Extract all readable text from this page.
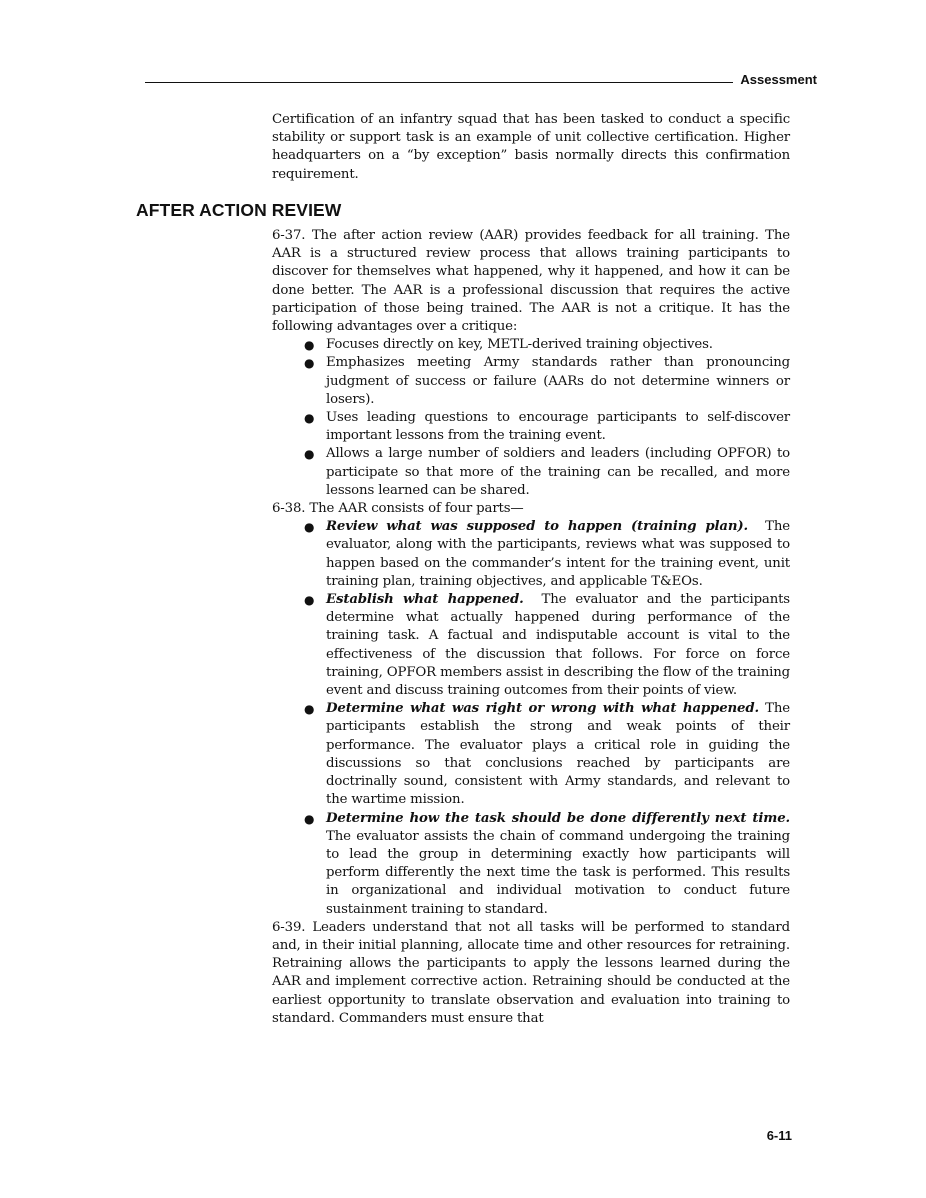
Assessment

Certification of an infantry squad that has been tasked to conduct a specific stability or support task is an example of unit collective certification. Higher headquarters on a “by exception” basis normally directs this confirmation requirement.

AFTER ACTION REVIEW

6-37. The after action review (AAR) provides feedback for all training. The AAR is a structured review process that allows training participants to discover for themselves what happened, why it happened, and how it can be done better. The AAR is a professional discussion that requires the active participation of those being trained. The AAR is not a critique. It has the following advantages over a critique:

● Focuses directly on key, METL-derived training objectives.
● Emphasizes meeting Army standards rather than pronouncing judgment of success or failure (AARs do not determine winners or losers).
● Uses leading questions to encourage participants to self-discover important lessons from the training event.
● Allows a large number of soldiers and leaders (including OPFOR) to participate so that more of the training can be recalled, and more lessons learned can be shared.

6-38. The AAR consists of four parts—

● Review what was supposed to happen (training plan). The evaluator, along with the participants, reviews what was supposed to happen based on the commander’s intent for the training event, unit training plan, training objectives, and applicable T&EOs.
● Establish what happened. The evaluator and the participants determine what actually happened during performance of the training task. A factual and indisputable account is vital to the effectiveness of the discussion that follows. For force on force training, OPFOR members assist in describing the flow of the training event and discuss training outcomes from their points of view.
● Determine what was right or wrong with what happened. The participants establish the strong and weak points of their performance. The evaluator plays a critical role in guiding the discussions so that conclusions reached by participants are doctrinally sound, consistent with Army standards, and relevant to the wartime mission.
● Determine how the task should be done differently next time. The evaluator assists the chain of command undergoing the training to lead the group in determining exactly how participants will perform differently the next time the task is performed. This results in organizational and individual motivation to conduct future sustainment training to standard.

6-39. Leaders understand that not all tasks will be performed to standard and, in their initial planning, allocate time and other resources for retraining. Retraining allows the participants to apply the lessons learned during the AAR and implement corrective action. Retraining should be conducted at the earliest opportunity to translate observation and evaluation into training to standard. Commanders must ensure that

6-11
